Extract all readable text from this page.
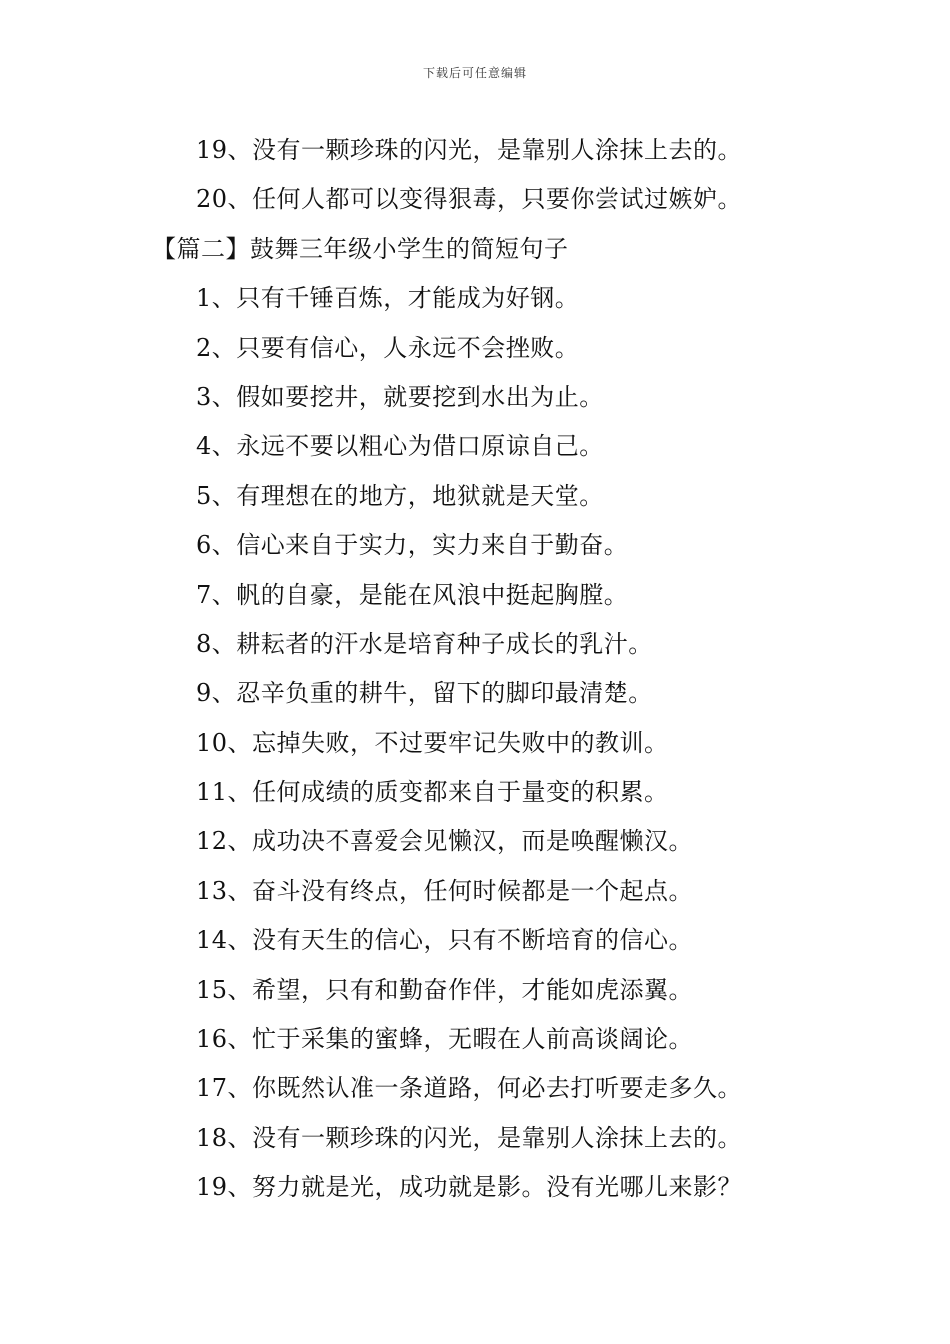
下载后可任意编辑
19、没有一颗珍珠的闪光，是靠别人涂抹上去的。
20、任何人都可以变得狠毒，只要你尝试过嫉妒。
【篇二】鼓舞三年级小学生的简短句子
1、只有千锤百炼，才能成为好钢。
2、只要有信心，人永远不会挫败。
3、假如要挖井，就要挖到水出为止。
4、永远不要以粗心为借口原谅自己。
5、有理想在的地方，地狱就是天堂。
6、信心来自于实力，实力来自于勤奋。
7、帆的自豪，是能在风浪中挺起胸膛。
8、耕耘者的汗水是培育种子成长的乳汁。
9、忍辛负重的耕牛，留下的脚印最清楚。
10、忘掉失败，不过要牢记失败中的教训。
11、任何成绩的质变都来自于量变的积累。
12、成功决不喜爱会见懒汉，而是唤醒懒汉。
13、奋斗没有终点，任何时候都是一个起点。
14、没有天生的信心，只有不断培育的信心。
15、希望，只有和勤奋作伴，才能如虎添翼。
16、忙于采集的蜜蜂，无暇在人前高谈阔论。
17、你既然认准一条道路，何必去打听要走多久。
18、没有一颗珍珠的闪光，是靠别人涂抹上去的。
19、努力就是光，成功就是影。没有光哪儿来影？
